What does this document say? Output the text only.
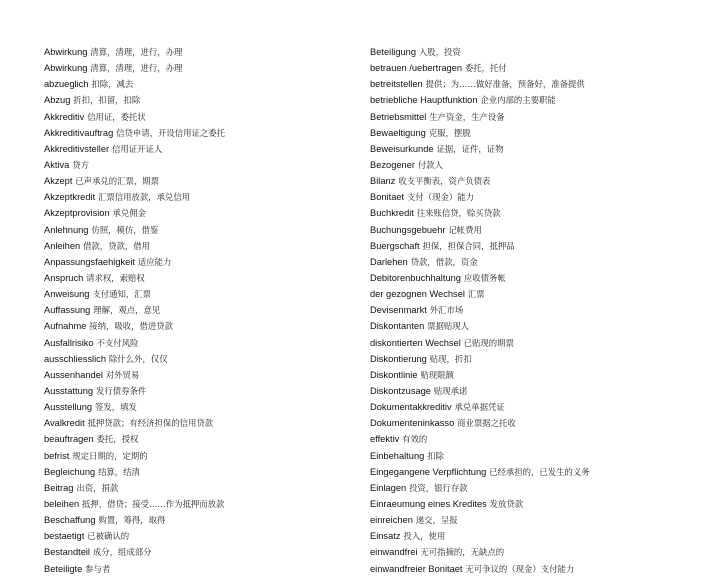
Abwirkung 清算，清理，进行，办理
Abwirkung 清算，清理，进行，办理
abzueglich 扣除，减去
Abzug 折扣，扣留，扣除
Akkreditiv 信用证，委托状
Akkreditivauftrag 信贷申请，开设信用证之委托
Akkreditivsteller 信用证开证人
Aktiva 贷方
Akzept 已声承兑的汇票，期票
Akzeptkredit 汇票信用放款，承兑信用
Akzeptprovision 承兑佣金
Anlehnung 仿照，模仿，借鉴
Anleihen 借款，贷款，借用
Anpassungsfaehigkeit 适应能力
Anspruch 请求权，索赔权
Anweisung 支付通知，汇票
Auffassung 理解，观点，意见
Aufnahme 接纳，吸收，借进贷款
Ausfallrisiko 不支付风险
ausschliesslich 除什么外，仅仅
Aussenhandel 对外贸易
Ausstattung 发行债券条件
Ausstellung 签发，填发
Avalkredit 抵押贷款；有经济担保的信用贷款
beauftragen 委托，授权
befrist 规定日期的，定期的
Begleichung 结算，结清
Beitrag 出资，捐款
beleihen 抵押，借贷；接受……作为抵押而放款
Beschaffung 购置，筹得，取得
bestaetigt 已被确认的
Bestandteil 成分，组成部分
Beteiligte 参与者
Beteiligung 入股，投资
betrauen /uebertragen 委托，托付
betreitstellen 提供；为……做好准备，预备好，准备提供
betriebliche Hauptfunktion 企业内部的主要职能
Betriebsmittel 生产资金，生产设备
Bewaeltigung 克服，摆脱
Beweisurkunde 证据，证件，证物
Bezogener 付款人
Bilanz 收支平衡表，资产负债表
Bonitaet 支付（现金）能力
Buchkredit 往来账信贷，赊买贷款
Buchungsgebuehr 记帐费用
Buergschaft 担保，担保合同，抵押品
Darlehen 贷款，借款，资金
Debitorenbuchhaltung 应收债务帐
der gezognen Wechsel 汇票
Devisenmarkt 外汇市场
Diskontanten 票据贴现人
diskontierten Wechsel 已贴现的期票
Diskontierung 贴现，折扣
Diskontlinie 贴现限额
Diskontzusage 贴现承诺
Dokumentakkreditiv 承兑单据凭证
Dokumenteninkasso 商业票据之托收
effektiv 有效的
Einbehaltung 扣除
Eingegangene Verpflichtung 已经承担的，已发生的义务
Einlagen 投资，银行存款
Einraeumung eines Kredites 发放贷款
einreichen 递交，呈报
Einsatz 投入，使用
einwandfrei 无可指摘的，无缺点的
einwandfreier Bonitaet 无可争议的（现金）支付能力
